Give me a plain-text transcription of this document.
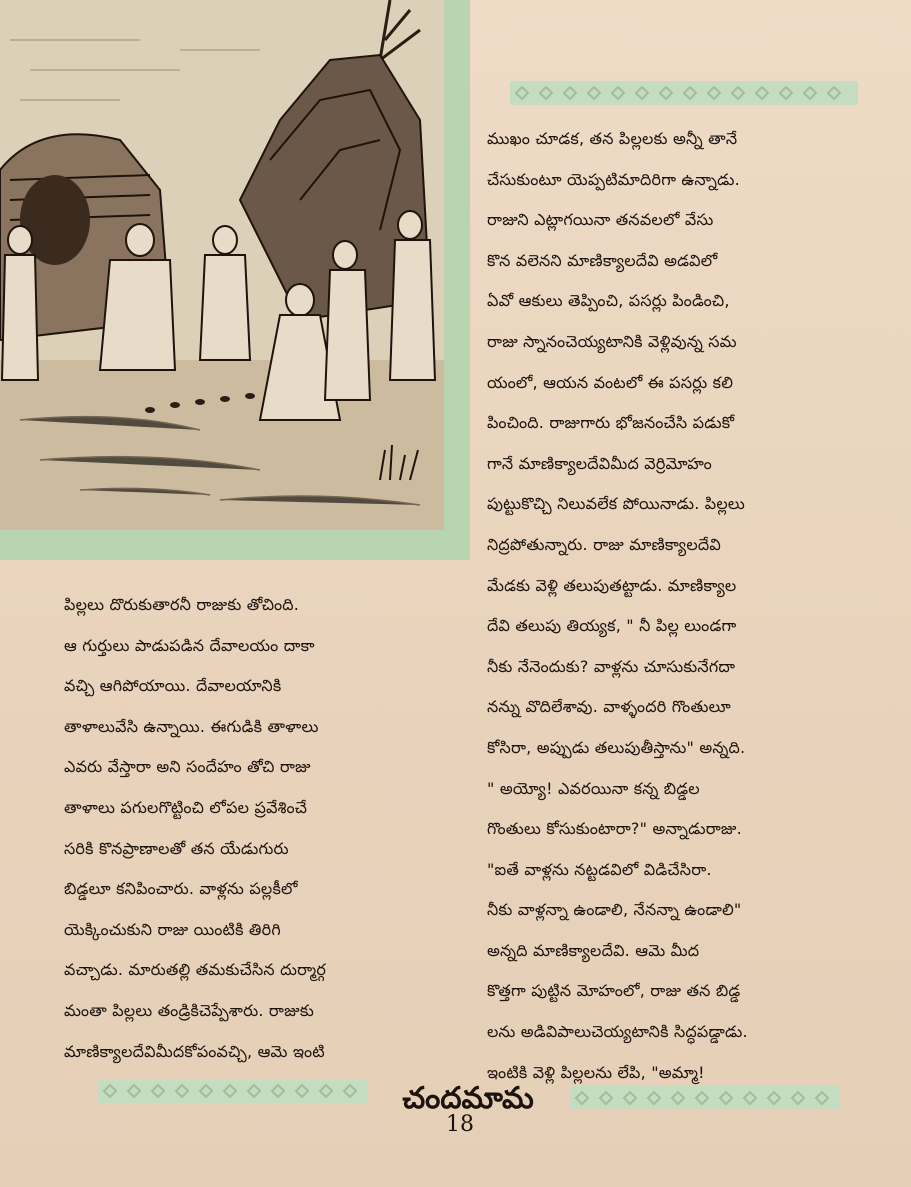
ముఖం చూడక, తన పిల్లలకు అన్నీ తానే
చేసుకుంటూ యెప్పటిమాదిరిగా ఉన్నాడు.
రాజుని ఎట్లాగయినా తనవలలో వేసు
కొన వలెనని మాణిక్యాలదేవి అడవిలో
ఏవో ఆకులు తెప్పించి, పసర్లు పిండించి,
రాజు స్నానంచెయ్యటానికి వెళ్లివున్న సమ
యంలో, ఆయన వంటలో ఈ పసర్లు కలి
పించింది. రాజుగారు భోజనంచేసి పడుకో
గానే మాణిక్యాలదేవిమీద వెర్రిమోహం
పుట్టుకొచ్చి నిలువలేక పోయినాడు. పిల్లలు
నిద్రపోతున్నారు. రాజు మాణిక్యాలదేవి
మేడకు వెళ్లి తలుపుతట్టాడు. మాణిక్యాల
దేవి తలుపు తియ్యక, " నీ పిల్ల లుండగా
నీకు నేనెందుకు? వాళ్లను చూసుకునేగదా
నన్ను వొదిలేశావు. వాళ్ళందరి గొంతులూ
కోసిరా, అప్పుడు తలుపుతీస్తాను" అన్నది.
" అయ్యో! ఎవరయినా కన్న బిడ్డల
గొంతులు కోసుకుంటారా?" అన్నాడురాజు.
"ఐతే వాళ్లను నట్టడవిలో విడిచేసిరా.
నీకు వాళ్లన్నా ఉండాలి, నేనన్నా ఉండాలి"
అన్నది మాణిక్యాలదేవి. ఆమె మీద
కొత్తగా పుట్టిన మోహంలో, రాజు తన బిడ్డ
లను అడివిపాలుచెయ్యటానికి సిద్ధపడ్డాడు.
ఇంటికి వెళ్లి పిల్లలను లేపి, "అమ్మా!
పిల్లలు దొరుకుతారనీ రాజుకు తోచింది.
ఆ గుర్తులు పాడుపడిన దేవాలయం దాకా
వచ్చి ఆగిపోయాయి. దేవాలయానికి
తాళాలువేసి ఉన్నాయి. ఈగుడికి తాళాలు
ఎవరు వేస్తారా అని సందేహం తోచి రాజు
తాళాలు పగులగొట్టించి లోపల ప్రవేశించే
సరికి కొనప్రాణాలతో తన యేడుగురు
బిడ్డలూ కనిపించారు. వాళ్లను పల్లకీలో
యెక్కించుకుని రాజు యింటికి తిరిగి
వచ్చాడు. మారుతల్లి తమకుచేసిన దుర్మార్గ
మంతా పిల్లలు తండ్రికిచెప్పేశారు. రాజుకు
మాణిక్యాలదేవిమీదకోపంవచ్చి, ఆమె ఇంటి
చందమామ
18
